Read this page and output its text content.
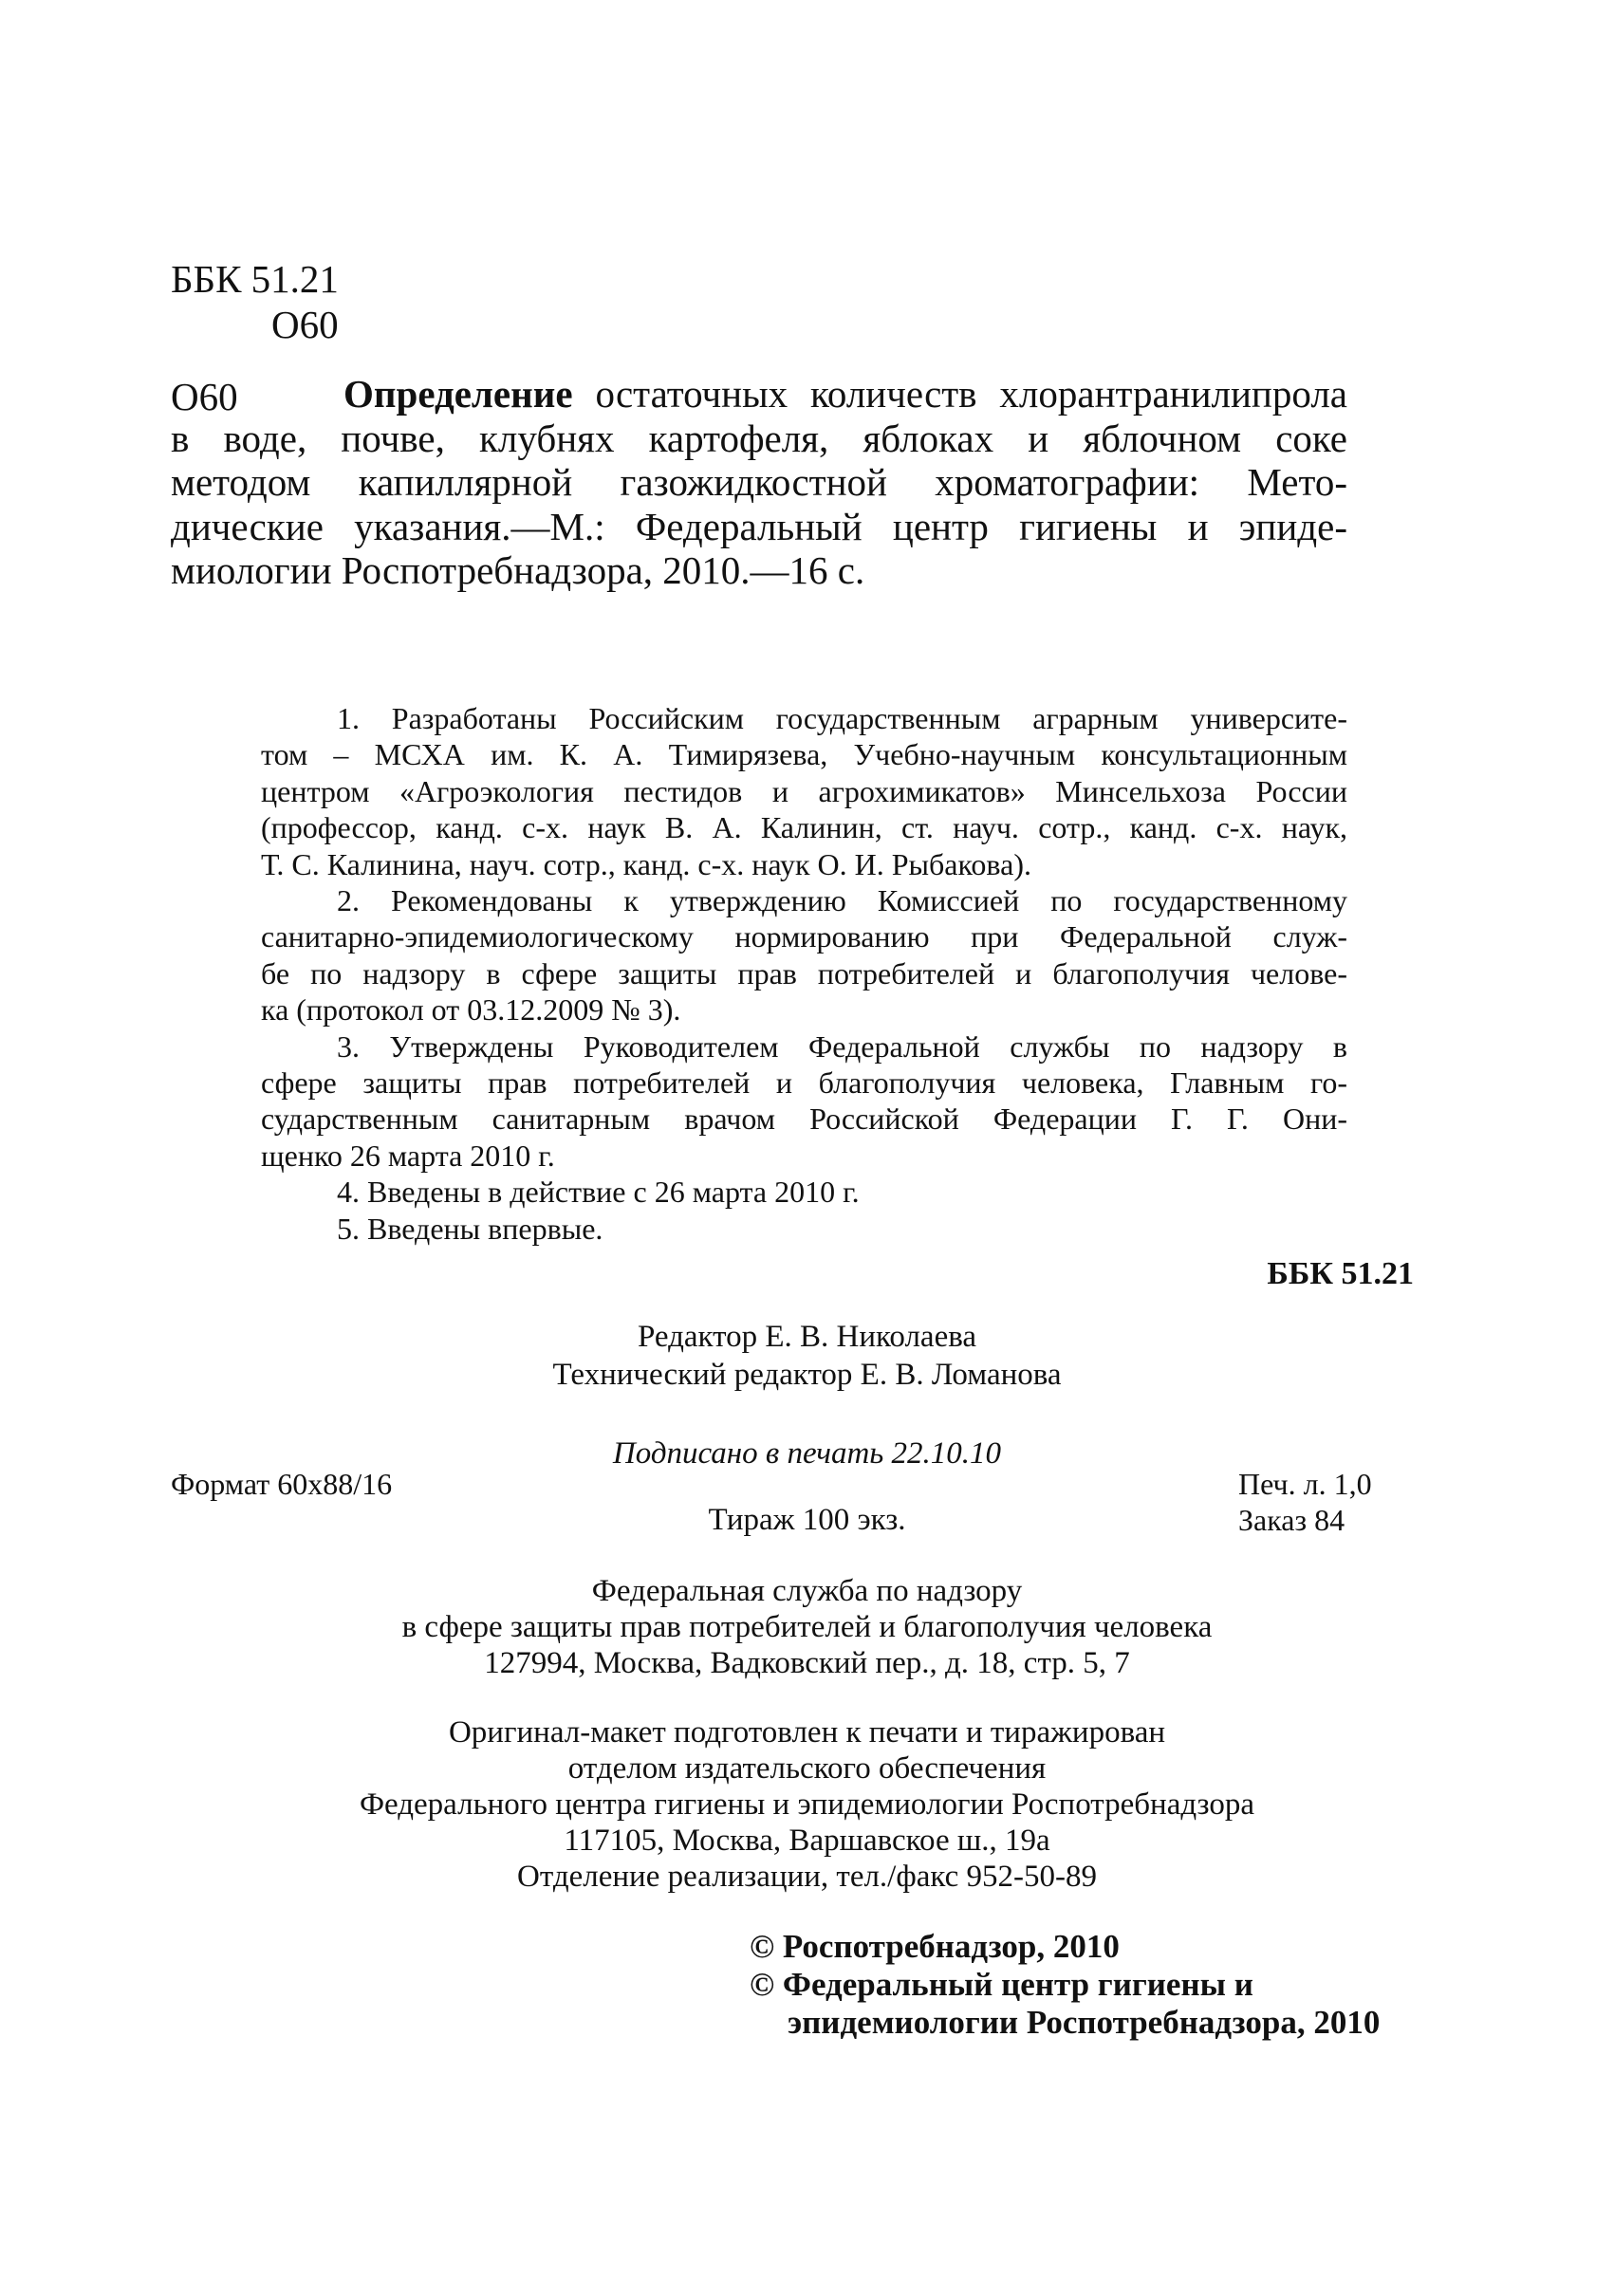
ББК 51.21
О60
О60	Определение остаточных количеств хлорантранилипрола
в воде, почве, клубнях картофеля, яблоках и яблочном соке
методом капиллярной газожидкостной хроматографии: Мето-
дические указания.—М.: Федеральный центр гигиены и эпиде-
миологии Роспотребнадзора, 2010.—16 с.
1. Разработаны Российским государственным аграрным университе-
том – МСХА им. К. А. Тимирязева, Учебно-научным консультационным
центром «Агроэкология пестидов и агрохимикатов» Минсельхоза России
(профессор, канд. с-х. наук В. А. Калинин, ст. науч. сотр., канд. с-х. наук,
Т. С. Калинина, науч. сотр., канд. с-х. наук О. И. Рыбакова).
2. Рекомендованы к утверждению Комиссией по государственному
санитарно-эпидемиологическому нормированию при Федеральной служ-
бе по надзору в сфере защиты прав потребителей и благополучия челове-
ка (протокол от 03.12.2009 № 3).
3. Утверждены Руководителем Федеральной службы по надзору в
сфере защиты прав потребителей и благополучия человека, Главным го-
сударственным санитарным врачом Российской Федерации Г. Г. Они-
щенко 26 марта 2010 г.
4. Введены в действие с 26 марта 2010 г.
5. Введены впервые.
ББК 51.21
Редактор Е. В. Николаева
Технический редактор Е. В. Ломанова
Подписано в печать 22.10.10
Формат 60х88/16	Печ. л. 1,0
Тираж 100 экз.	Заказ 84
Федеральная служба по надзору
в сфере защиты прав потребителей и благополучия человека
127994, Москва, Вадковский пер., д. 18, стр. 5, 7
Оригинал-макет подготовлен к печати и тиражирован
отделом издательского обеспечения
Федерального центра гигиены и эпидемиологии Роспотребнадзора
117105, Москва, Варшавское ш., 19а
Отделение реализации, тел./факс 952-50-89
© Роспотребнадзор, 2010
© Федеральный центр гигиены и
эпидемиологии Роспотребнадзора, 2010
